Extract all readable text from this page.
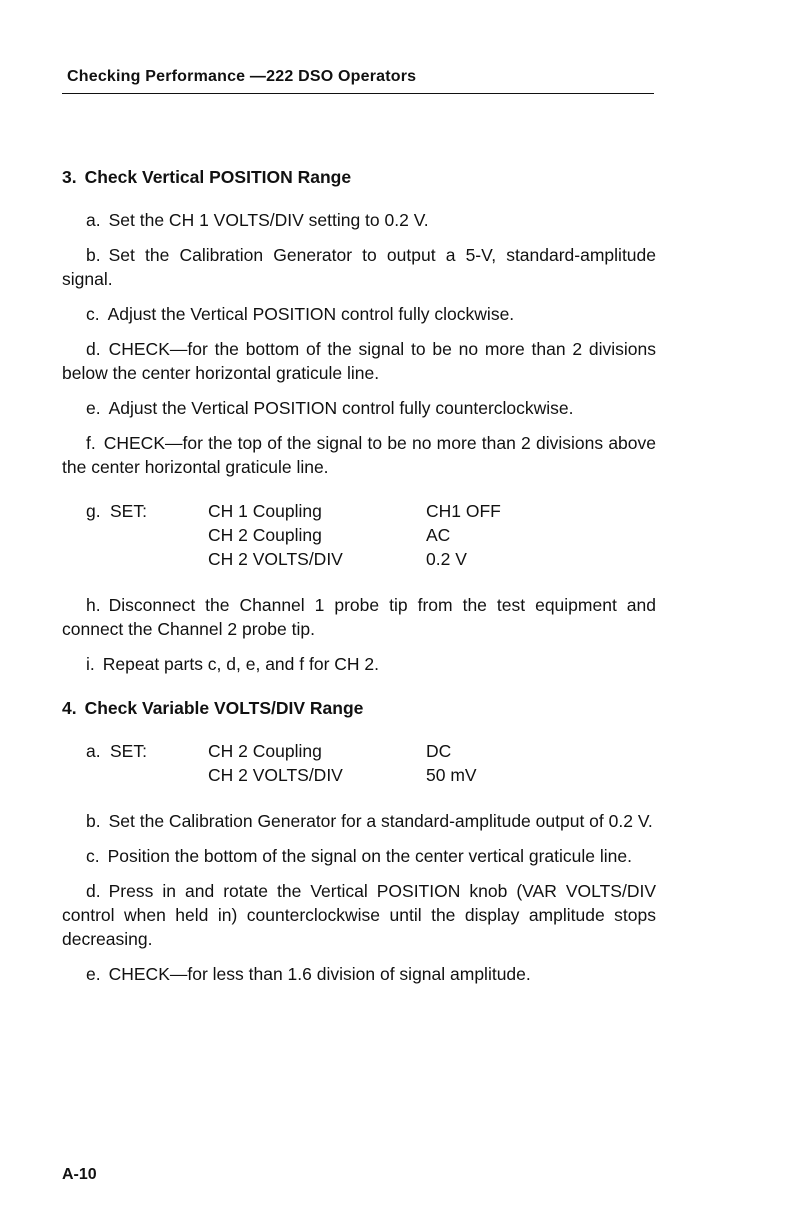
Checking Performance —222 DSO Operators
3. Check Vertical POSITION Range

a. Set the CH 1 VOLTS/DIV setting to 0.2 V.

b. Set the Calibration Generator to output a 5-V, standard-amplitude signal.

c. Adjust the Vertical POSITION control fully clockwise.

d. CHECK—for the bottom of the signal to be no more than 2 divisions below the center horizontal graticule line.

e. Adjust the Vertical POSITION control fully counterclockwise.

f. CHECK—for the top of the signal to be no more than 2 divisions above the center horizontal graticule line.

g. SET:	CH 1 Coupling	CH1 OFF
CH 2 Coupling	AC
CH 2 VOLTS/DIV	0.2 V

h. Disconnect the Channel 1 probe tip from the test equipment and connect the Channel 2 probe tip.

i. Repeat parts c, d, e, and f for CH 2.

4. Check Variable VOLTS/DIV Range
a. SET:	CH 2 Coupling	DC
CH 2 VOLTS/DIV	50 mV

b. Set the Calibration Generator for a standard-amplitude output of 0.2 V.

c. Position the bottom of the signal on the center vertical graticule line.

d. Press in and rotate the Vertical POSITION knob (VAR VOLTS/DIV control when held in) counterclockwise until the display amplitude stops decreasing.

e. CHECK—for less than 1.6 division of signal amplitude.

A-10
